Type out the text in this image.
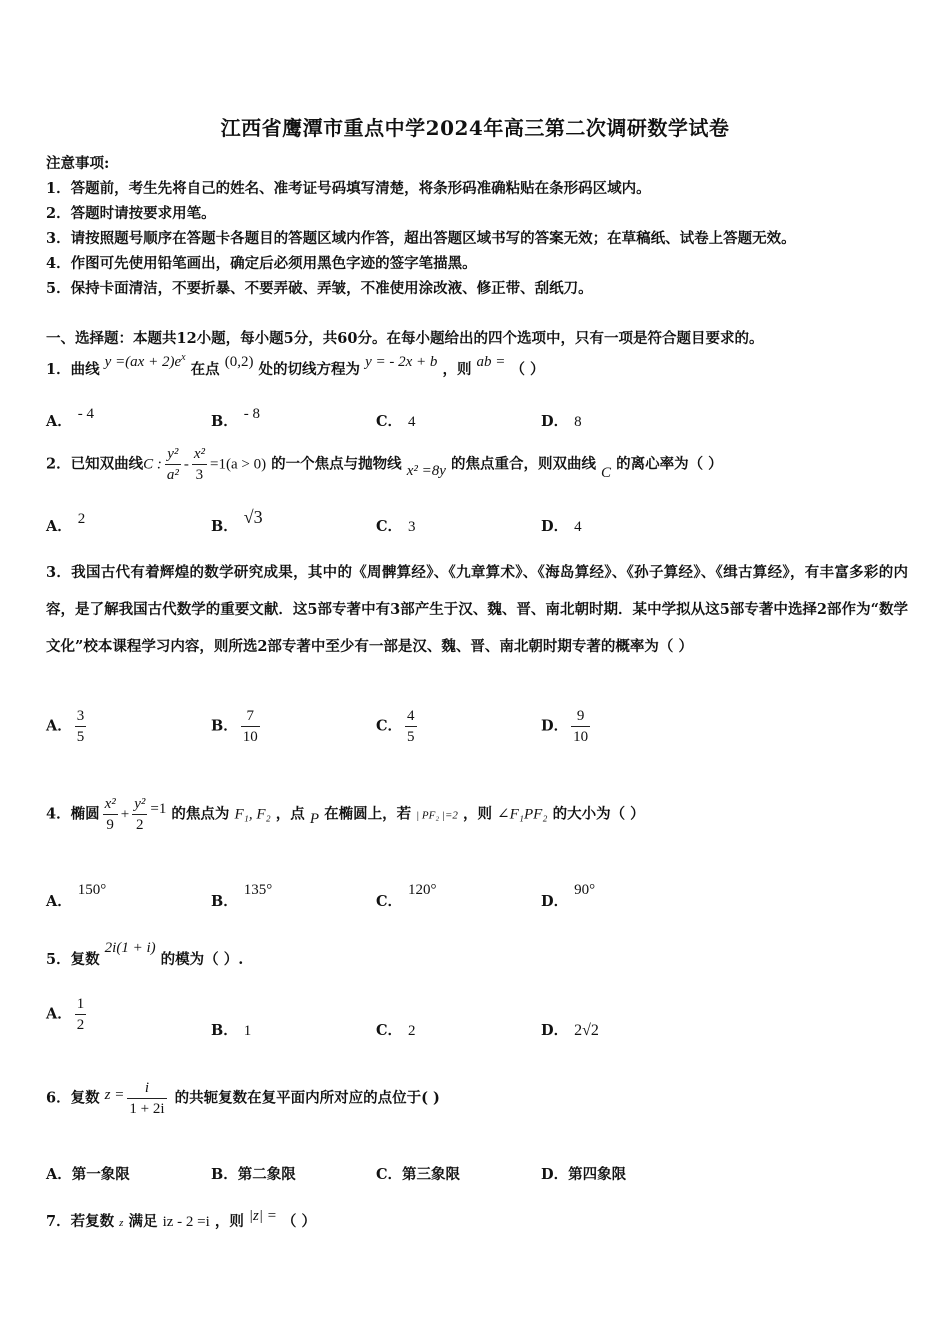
江西省鹰潭市重点中学2024年高三第二次调研数学试卷
注意事项:
1．答题前，考生先将自己的姓名、准考证号码填写清楚，将条形码准确粘贴在条形码区域内。
2．答题时请按要求用笔。
3．请按照题号顺序在答题卡各题目的答题区域内作答，超出答题区域书写的答案无效；在草稿纸、试卷上答题无效。
4．作图可先使用铅笔画出，确定后必须用黑色字迹的签字笔描黑。
5．保持卡面清洁，不要折暴、不要弄破、弄皱，不准使用涂改液、修正带、刮纸刀。
一、选择题：本题共12小题，每小题5分，共60分。在每小题给出的四个选项中，只有一项是符合题目要求的。
1．曲线 $y =(ax + 2)e^x$ 在点 (0,2) 处的切线方程为 y = - 2x + b ，则 ab = （ ）
A． - 4	B． - 8	C． 4	D． 8
2．已知双曲线C : $\frac{\text{y²}}{\text{a²}} - \frac{\text{x²}}{3} =1(a > 0)$ 的一个焦点与抛物线 x² =8y 的焦点重合，则双曲线 C 的离心率为（ ）
A． 2	B． √3	C． 3	D． 4
3．我国古代有着辉煌的数学研究成果，其中的《周髀算经》、《九章算术》、《海岛算经》、《孙子算经》、《缉古算经》，有丰富多彩的内容，是了解我国古代数学的重要文献．这5部专著中有3部产生于汉、魏、晋、南北朝时期．某中学拟从这5部专著中选择2部作为“数学文化”校本课程学习内容，则所选2部专著中至少有一部是汉、魏、晋、南北朝时期专著的概率为（ ）
A． $\frac{3}{5}$	B． $\frac{7}{10}$	C． $\frac{4}{5}$	D． $\frac{9}{10}$
4．椭圆 $\frac{\text{x²}}{9} + \frac{\text{y²}}{2} =1$ 的焦点为 F₁, F₂ ，点 P 在椭圆上，若 | PF₂ |=2 ，则 ∠F₁PF₂ 的大小为（ ）
A．150°
B．135°
C．120°
D．90°
5．复数 2i(1 + i) 的模为（ ）.
A． $\frac{1}{2}$	B． 1	C． 2	D． 2√2
6．复数 $z = \frac{i}{1 + 2i}$ 的共轭复数在复平面内所对应的点位于( )
A．第一象限	B．第二象限	C．第三象限	D．第四象限
7．若复数 z 满足 iz - 2 =i ，则 |z| = （ ）
